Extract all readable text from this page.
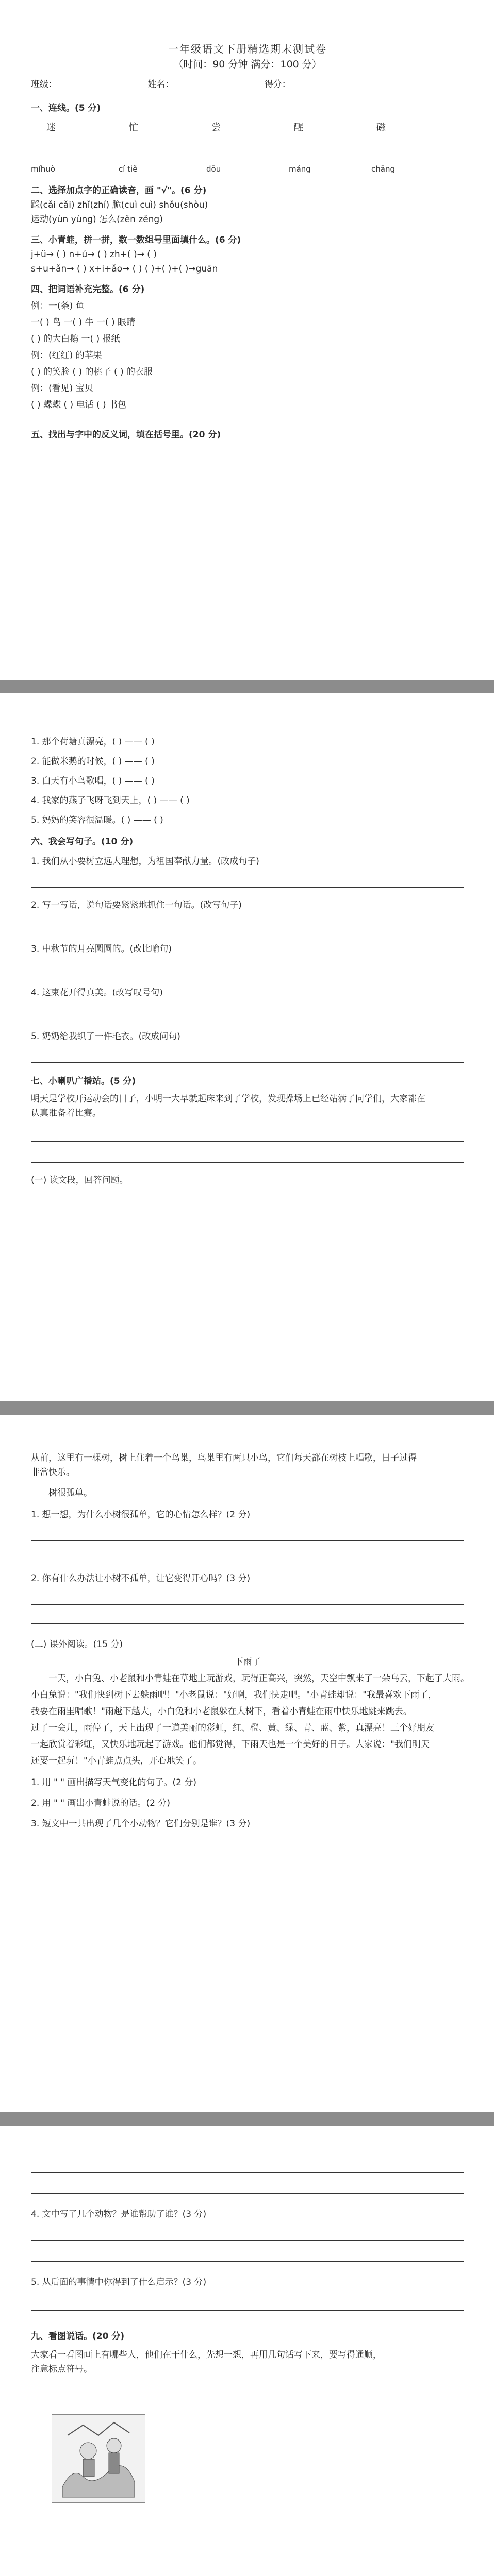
一年级语文下册精选期末测试卷
（时间：90 分钟 满分：100 分）
班级：	姓名：	得分：
一、连线。(5 分)
迷	忙	尝	醒	磁
míhuò	cí tiě	dōu	máng	chāng
二、选择加点字的正确读音，画 "√"。(6 分)
踩(cǎi cǎi) zhǐ(zhí) 脆(cuì cuì) shǒu(shòu)
运动(yùn yùng) 怎么(zěn zěng)
三、小青蛙，拼一拼，数一数组号里面填什么。(6 分)
j+ü→ ( ) n+ú→ ( ) zh+( )→ ( )
s+u+ǎn→ ( ) x+i+ǎo→ ( ) ( )+( )+( )→guān
四、把词语补充完整。(6 分)
例：一(条) 鱼
一( ) 鸟 一( ) 牛 一( ) 眼睛
( ) 的大白鹅 一( ) 报纸
例：(红红) 的苹果
( ) 的笑脸 ( ) 的桃子 ( ) 的衣服
例：(看见) 宝贝
( ) 蝶蝶 ( ) 电话 ( ) 书包
五、找出与字中的反义词，填在括号里。(20 分)
1. 那个荷塘真漂亮，( ) —— ( )
2. 能做米鹅的时候，( ) —— ( )
3. 白天有小鸟歌唱，( ) —— ( )
4. 我家的燕子飞呀飞到天上，( ) —— ( )
5. 妈妈的笑容很温暖。( ) —— ( )
六、我会写句子。(10 分)
1. 我们从小要树立远大理想，为祖国奉献力量。(改成句子)
2. 写一写话，说句话要紧紧地抓住一句话。(改写句子)
3. 中秋节的月亮圆圆的。(改比喻句)
4. 这束花开得真美。(改写叹号句)
5. 奶奶给我织了一件毛衣。(改成问句)
七、小喇叭广播站。(5 分)
明天是学校开运动会的日子，小明一大早就起床来到了学校，发现操场上已经站满了同学们，大家都在
认真准备着比赛。
(一) 读文段，回答问题。
从前，这里有一棵树，树上住着一个鸟巢，鸟巢里有两只小鸟，它们每天都在树枝上唱歌，日子过得
非常快乐。
树很孤单。
1. 想一想，为什么小树很孤单，它的心情怎么样？(2 分)
2. 你有什么办法让小树不孤单，让它变得开心吗？(3 分)
(二) 课外阅读。(15 分)
下雨了
一天，小白兔、小老鼠和小青蛙在草地上玩游戏，玩得正高兴，突然，天空中飘来了一朵乌云，下起了大雨。
小白兔说："我们快到树下去躲雨吧！"小老鼠说："好啊，我们快走吧。"小青蛙却说："我最喜欢下雨了，
我要在雨里唱歌！"雨越下越大，小白兔和小老鼠躲在大树下，看着小青蛙在雨中快乐地跳来跳去。
过了一会儿，雨停了，天上出现了一道美丽的彩虹，红、橙、黄、绿、青、蓝、紫，真漂亮！三个好朋友
一起欣赏着彩虹，又快乐地玩起了游戏。他们都觉得，下雨天也是一个美好的日子。大家说："我们明天
还要一起玩！"小青蛙点点头，开心地笑了。
1. 用 " " 画出描写天气变化的句子。(2 分)
2. 用 " " 画出小青蛙说的话。(2 分)
3. 短文中一共出现了几个小动物？它们分别是谁？(3 分)
4. 文中写了几个动物？是谁帮助了谁？(3 分)
5. 从后面的事情中你得到了什么启示？(3 分)
九、看图说话。(20 分)
大家看一看图画上有哪些人，他们在干什么，先想一想，再用几句话写下来，要写得通顺，
注意标点符号。
